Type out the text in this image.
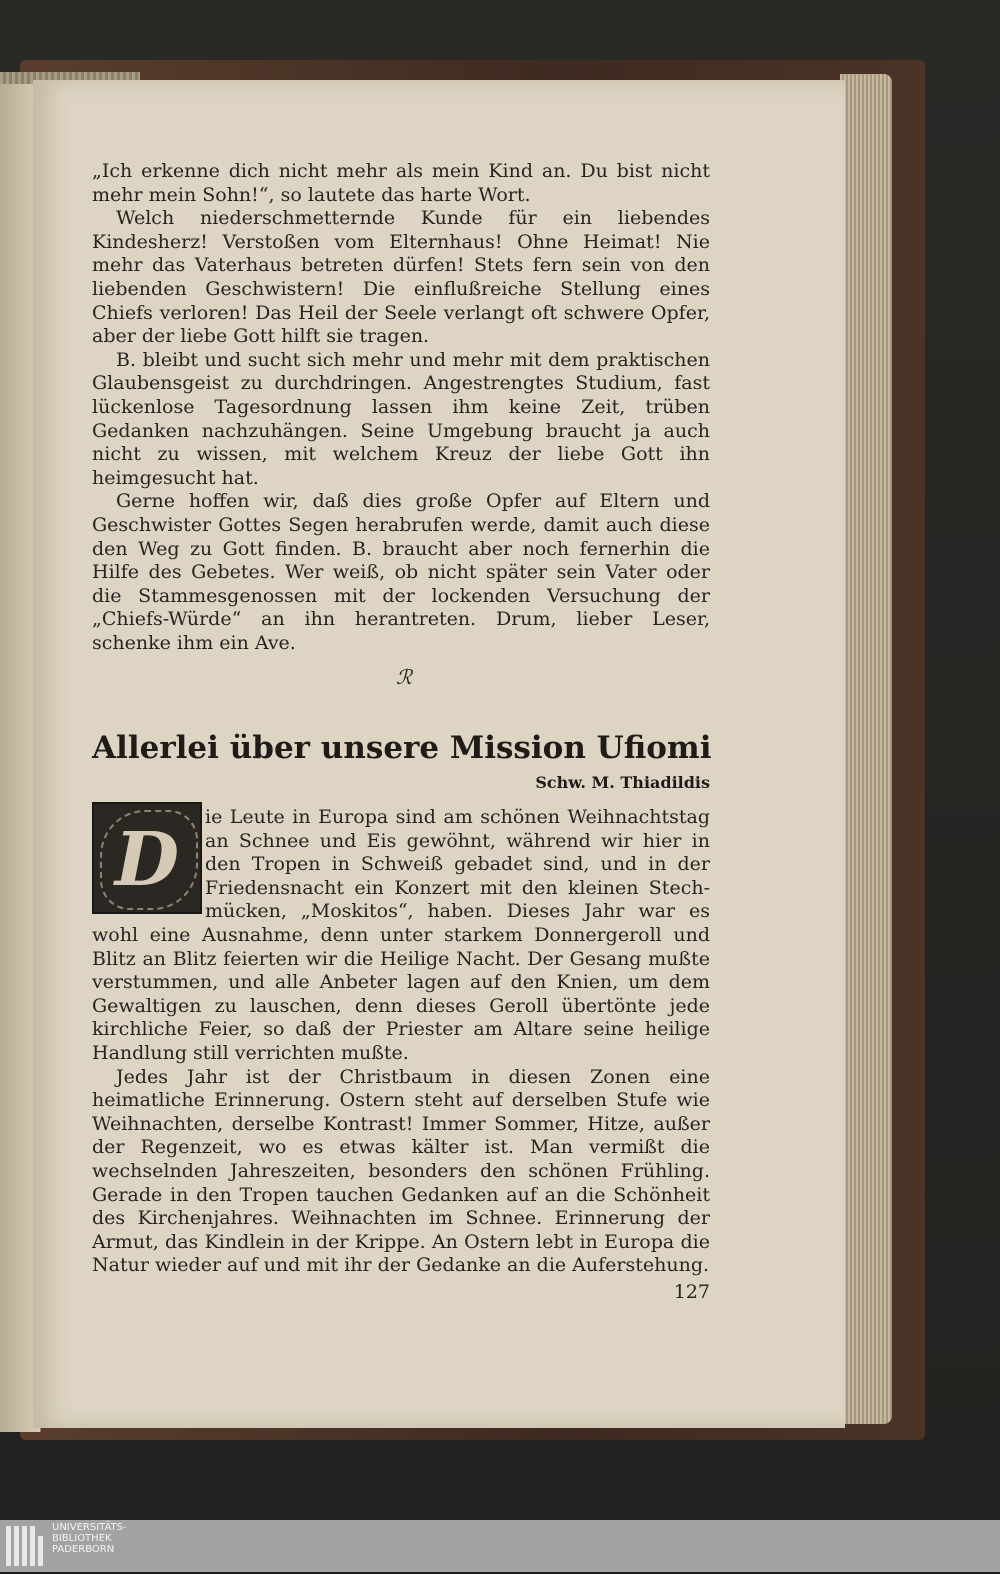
„Ich erkenne dich nicht mehr als mein Kind an. Du bist nicht mehr mein Sohn!“, so lautete das harte Wort.

Welch niederschmetternde Kunde für ein liebendes Kindesherz! Verstoßen vom Elternhaus! Ohne Heimat! Nie mehr das Vaterhaus betreten dürfen! Stets fern sein von den liebenden Geschwistern! Die einflußreiche Stellung eines Chiefs verloren! Das Heil der Seele verlangt oft schwere Opfer, aber der liebe Gott hilft sie tragen.

B. bleibt und sucht sich mehr und mehr mit dem praktischen Glaubensgeist zu durchdringen. Angestrengtes Studium, fast lückenlose Tagesordnung lassen ihm keine Zeit, trüben Gedanken nachzuhängen. Seine Umgebung braucht ja auch nicht zu wissen, mit welchem Kreuz der liebe Gott ihn heimgesucht hat.

Gerne hoffen wir, daß dies große Opfer auf Eltern und Geschwister Gottes Segen herabrufen werde, damit auch diese den Weg zu Gott finden. B. braucht aber noch fernerhin die Hilfe des Gebetes. Wer weiß, ob nicht später sein Vater oder die Stammesgenossen mit der lockenden Versuchung der „Chiefs-Würde“ an ihn herantreten. Drum, lieber Leser, schenke ihm ein Ave.

ℛ
Allerlei über unsere Mission Ufiomi
Schw. M. Thiadildis
D	ie Leute in Europa sind am schönen Weihnachtstag
an Schnee und Eis gewöhnt, während wir hier in
den Tropen in Schweiß gebadet sind, und in der
Friedensnacht ein Konzert mit den kleinen Stech-
mücken, „Moskitos“, haben. Dieses Jahr war es

wohl eine Ausnahme, denn unter starkem Donnergeroll und Blitz an Blitz feierten wir die Heilige Nacht. Der Gesang mußte verstummen, und alle Anbeter lagen auf den Knien, um dem Gewaltigen zu lauschen, denn dieses Geroll übertönte jede kirchliche Feier, so daß der Priester am Altare seine heilige Handlung still verrichten mußte.

Jedes Jahr ist der Christbaum in diesen Zonen eine heimatliche Erinnerung. Ostern steht auf derselben Stufe wie Weihnachten, derselbe Kontrast! Immer Sommer, Hitze, außer der Regenzeit, wo es etwas kälter ist. Man vermißt die wechselnden Jahreszeiten, besonders den schönen Frühling. Gerade in den Tropen tauchen Gedanken auf an die Schönheit des Kirchenjahres. Weihnachten im Schnee. Erinnerung der Armut, das Kindlein in der Krippe. An Ostern lebt in Europa die Natur wieder auf und mit ihr der Gedanke an die Auferstehung.

127
UNIVERSITÄTS-
BIBLIOTHEK
PADERBORN
